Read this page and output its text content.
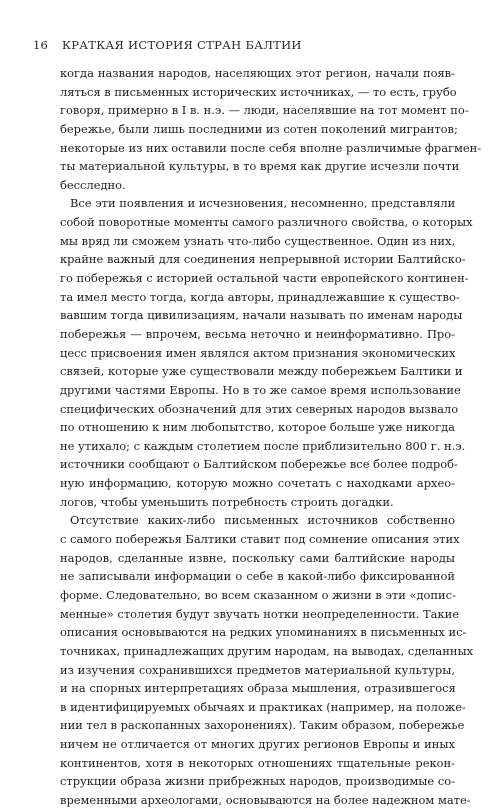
16 КРАТКАЯ ИСТОРИЯ СТРАН БАЛТИИ

когда названия народов, населяющих этот регион, начали появ-
ляться в письменных исторических источниках, — то есть, грубо
говоря, примерно в I в. н.э. — люди, населявшие на тот момент по-
бережье, были лишь последними из сотен поколений мигрантов;
некоторые из них оставили после себя вполне различимые фрагмен-
ты материальной культуры, в то время как другие исчезли почти
бесследно.

Все эти появления и исчезновения, несомненно, представляли
собой поворотные моменты самого различного свойства, о которых
мы вряд ли сможем узнать что-либо существенное. Один из них,
крайне важный для соединения непрерывной истории Балтийско-
го побережья с историей остальной части европейского континен-
та имел место тогда, когда авторы, принадлежавшие к существо-
вавшим тогда цивилизациям, начали называть по именам народы
побережья — впрочем, весьма неточно и неинформативно. Про-
цесс присвоения имен являлся актом признания экономических
связей, которые уже существовали между побережьем Балтики и
другими частями Европы. Но в то же самое время использование
специфических обозначений для этих северных народов вызвало
по отношению к ним любопытство, которое больше уже никогда
не утихало; с каждым столетием после приблизительно 800 г. н.э.
источники сообщают о Балтийском побережье все более подроб-
ную информацию, которую можно сочетать с находками архео-
логов, чтобы уменьшить потребность строить догадки.

Отсутствие каких-либо письменных источников собственно
с самого побережья Балтики ставит под сомнение описания этих
народов, сделанные извне, поскольку сами балтийские народы
не записывали информации о себе в какой-либо фиксированной
форме. Следовательно, во всем сказанном о жизни в эти «допис-
менные» столетия будут звучать нотки неопределенности. Такие
описания основываются на редких упоминаниях в письменных ис-
точниках, принадлежащих другим народам, на выводах, сделанных
из изучения сохранившихся предметов материальной культуры,
и на спорных интерпретациях образа мышления, отразившегося
в идентифицируемых обычаях и практиках (например, на положе-
нии тел в раскопанных захоронениях). Таким образом, побережье
ничем не отличается от многих других регионов Европы и иных
континентов, хотя в некоторых отношениях тщательные рекон-
струкции образа жизни прибрежных народов, производимые со-
временными археологами, основываются на более надежном мате-
